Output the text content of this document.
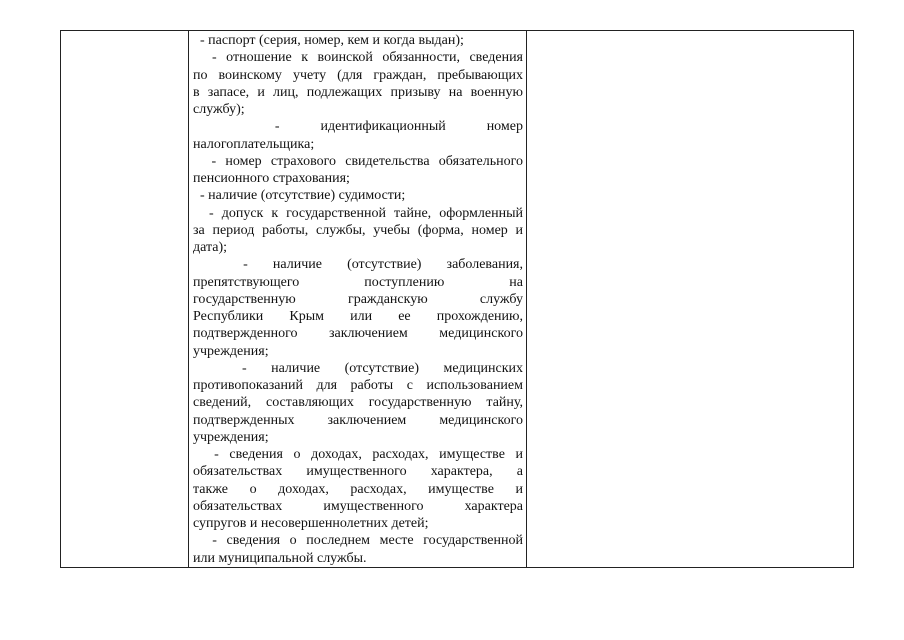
- паспорт (серия, номер, кем и когда выдан);
- отношение к воинской обязанности, сведения
по воинскому учету (для граждан, пребывающих
в запасе, и лиц, подлежащих призыву на военную
службу);
- идентификационный номер
налогоплательщика;
- номер страхового свидетельства обязательного
пенсионного страхования;
- наличие (отсутствие) судимости;
- допуск к государственной тайне, оформленный
за период работы, службы, учебы (форма, номер и
дата);
- наличие (отсутствие) заболевания,
препятствующего поступлению на
государственную гражданскую службу
Республики Крым или ее прохождению,
подтвержденного заключением медицинского
учреждения;
- наличие (отсутствие) медицинских
противопоказаний для работы с использованием
сведений, составляющих государственную тайну,
подтвержденных заключением медицинского
учреждения;
- сведения о доходах, расходах, имуществе и
обязательствах имущественного характера, а
также о доходах, расходах, имуществе и
обязательствах имущественного характера
супругов и несовершеннолетних детей;
- сведения о последнем месте государственной
или муниципальной службы.
